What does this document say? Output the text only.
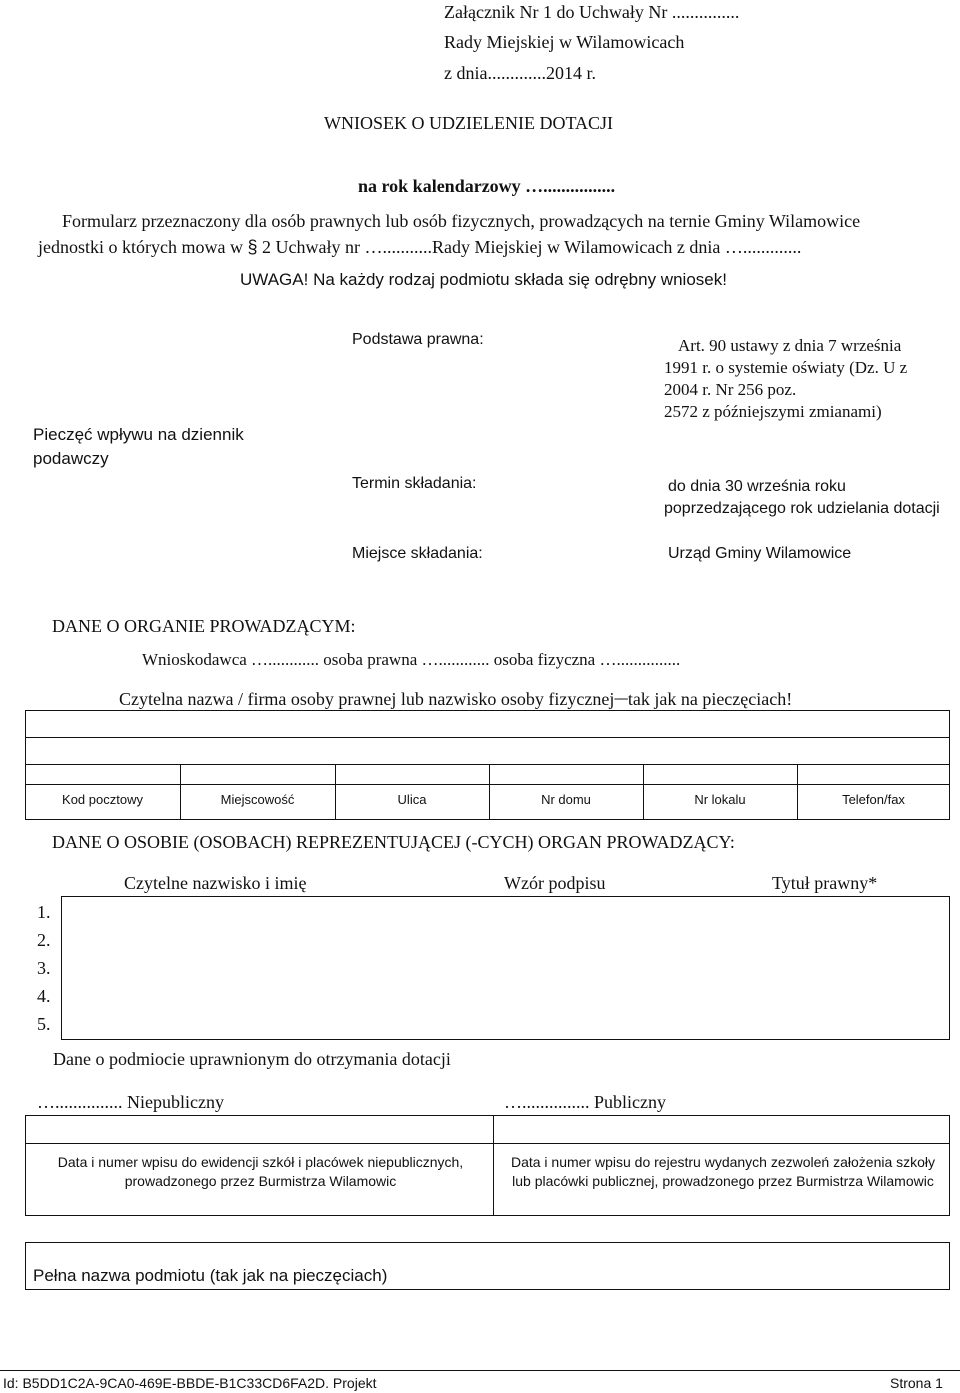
Załącznik Nr 1 do Uchwały Nr ...............
Rady Miejskiej w Wilamowicach
z dnia.............2014 r.
WNIOSEK O UDZIELENIE DOTACJI
na rok kalendarzowy …................
Formularz przeznaczony dla osób prawnych lub osób fizycznych, prowadzących na ternie Gminy Wilamowice
jednostki o których mowa w § 2 Uchwały nr …...........Rady Miejskiej w Wilamowicach z dnia ….............
UWAGA! Na każdy rodzaj podmiotu składa się odrębny wniosek!
Pieczęć wpływu na dziennik podawczy
Podstawa prawna:	Art. 90 ustawy z dnia 7 września
1991 r. o systemie oświaty (Dz. U z
2004 r. Nr 256 poz.
2572 z późniejszymi zmianami)
Termin składania:	do dnia 30 września roku
poprzedzającego rok udzielania dotacji
Miejsce składania:	Urząd Gminy Wilamowice
DANE O ORGANIE PROWADZĄCYM:
Wnioskodawca …............ osoba prawna …............ osoba fizyczna …...............
Czytelna nazwa / firma osoby prawnej lub nazwisko osoby fizycznej ̶ ̶ tak jak na pieczęciach!
Kod pocztowy	Miejscowość	Ulica	Nr domu	Nr lokalu	Telefon/fax
DANE O OSOBIE (OSOBACH) REPREZENTUJĄCEJ (-CYCH) ORGAN PROWADZĄCY:
Czytelne nazwisko i imię	Wzór podpisu	Tytuł prawny*
1.
2.
3.
4.
5.
Dane o podmiocie uprawnionym do otrzymania dotacji
…............... Niepubliczny	…............... Publiczny
Data i numer wpisu do ewidencji szkół i placówek niepublicznych, prowadzonego przez Burmistrza Wilamowic
Data i numer wpisu do rejestru wydanych zezwoleń założenia szkoły lub placówki publicznej, prowadzonego przez Burmistrza Wilamowic
Pełna nazwa podmiotu (tak jak na pieczęciach)
Id: B5DD1C2A-9CA0-469E-BBDE-B1C33CD6FA2D. Projekt	Strona 1
